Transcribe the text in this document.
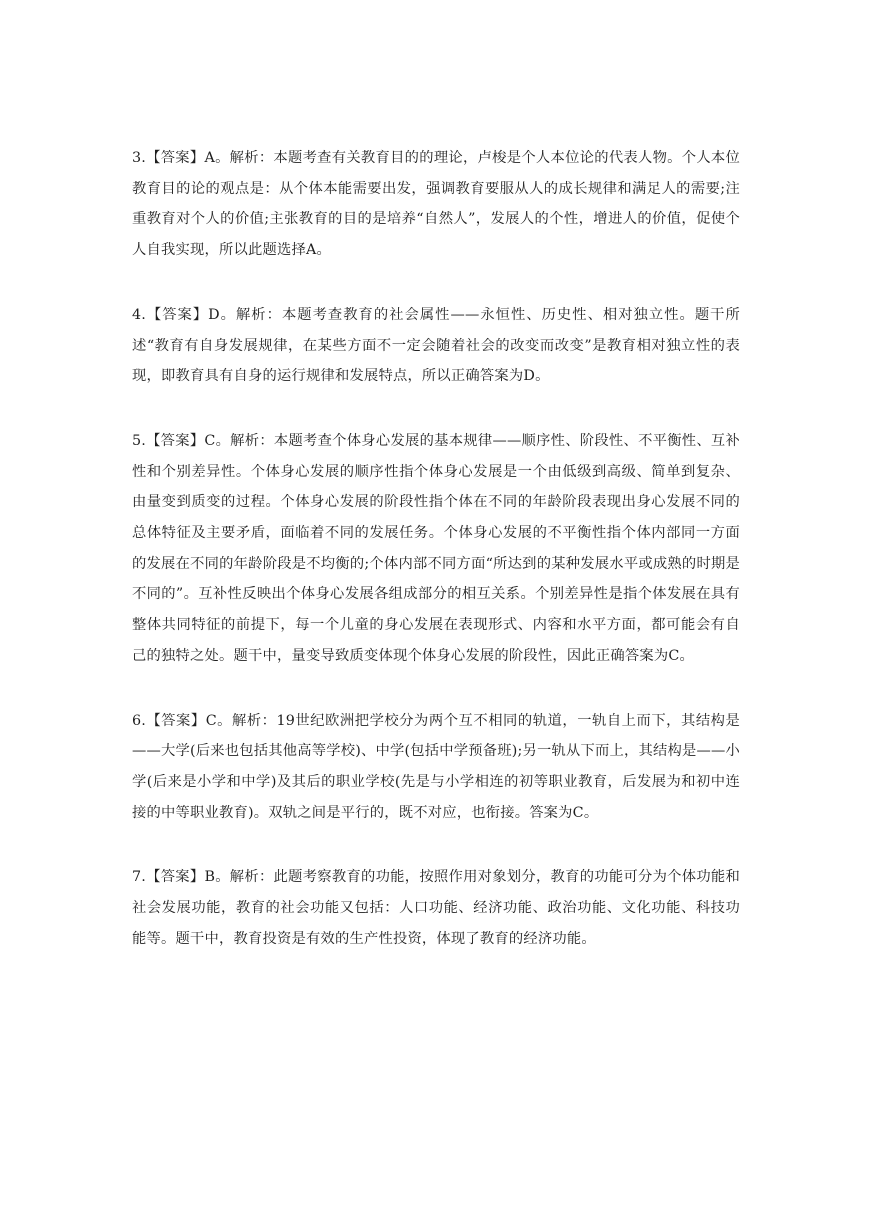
3.【答案】A。解析：本题考查有关教育目的的理论，卢梭是个人本位论的代表人物。个人本位教育目的论的观点是：从个体本能需要出发，强调教育要服从人的成长规律和满足人的需要;注重教育对个人的价值;主张教育的目的是培养“自然人”，发展人的个性，增进人的价值，促使个人自我实现，所以此题选择A。

4.【答案】D。解析：本题考查教育的社会属性——永恒性、历史性、相对独立性。题干所述“教育有自身发展规律，在某些方面不一定会随着社会的改变而改变”是教育相对独立性的表现，即教育具有自身的运行规律和发展特点，所以正确答案为D。

5.【答案】C。解析：本题考查个体身心发展的基本规律——顺序性、阶段性、不平衡性、互补性和个别差异性。个体身心发展的顺序性指个体身心发展是一个由低级到高级、简单到复杂、由量变到质变的过程。个体身心发展的阶段性指个体在不同的年龄阶段表现出身心发展不同的总体特征及主要矛盾，面临着不同的发展任务。个体身心发展的不平衡性指个体内部同一方面的发展在不同的年龄阶段是不均衡的;个体内部不同方面“所达到的某种发展水平或成熟的时期是不同的”。互补性反映出个体身心发展各组成部分的相互关系。个别差异性是指个体发展在具有整体共同特征的前提下，每一个儿童的身心发展在表现形式、内容和水平方面，都可能会有自己的独特之处。题干中，量变导致质变体现个体身心发展的阶段性，因此正确答案为C。

6.【答案】C。解析：19世纪欧洲把学校分为两个互不相同的轨道，一轨自上而下，其结构是——大学(后来也包括其他高等学校)、中学(包括中学预备班);另一轨从下而上，其结构是——小学(后来是小学和中学)及其后的职业学校(先是与小学相连的初等职业教育，后发展为和初中连接的中等职业教育)。双轨之间是平行的，既不对应，也衔接。答案为C。

7.【答案】B。解析：此题考察教育的功能，按照作用对象划分，教育的功能可分为个体功能和社会发展功能，教育的社会功能又包括：人口功能、经济功能、政治功能、文化功能、科技功能等。题干中，教育投资是有效的生产性投资，体现了教育的经济功能。
